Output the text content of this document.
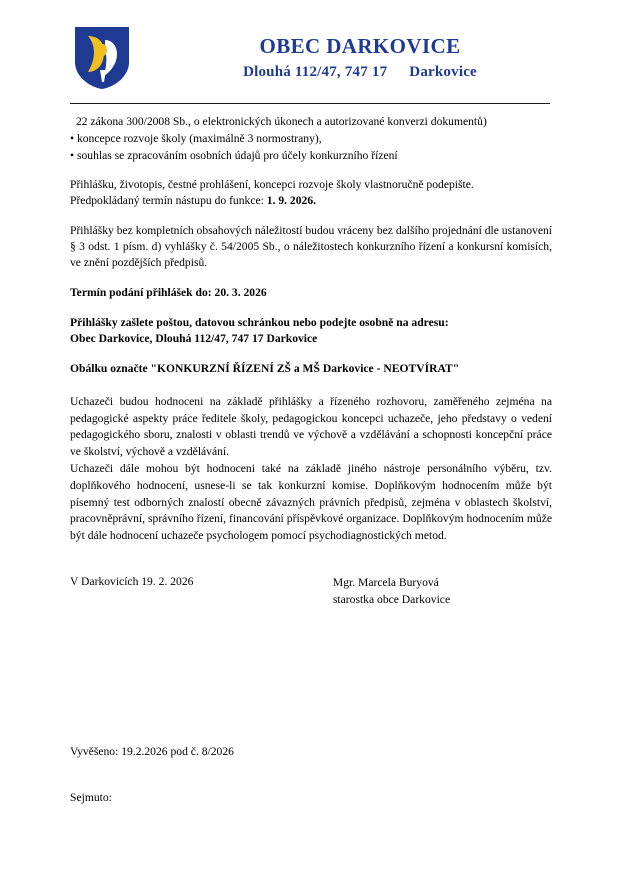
OBEC DARKOVICE
Dlouhá 112/47, 747 17 Darkovice
22 zákona 300/2008 Sb., o elektronických úkonech a autorizované konverzi dokumentů)
• koncepce rozvoje školy (maximálně 3 normostrany),
• souhlas se zpracováním osobních údajů pro účely konkurzního řízení
Přihlášku, životopis, čestné prohlášení, koncepci rozvoje školy vlastnoručně podepište.
Předpokládaný termín nástupu do funkce: 1. 9. 2026.
Přihlášky bez kompletních obsahových náležitostí budou vráceny bez dalšího projednání dle ustanovení § 3 odst. 1 písm. d) vyhlášky č. 54/2005 Sb., o náležitostech konkurzního řízení a konkursní komisích, ve znění pozdějších předpisů.
Termín podání přihlášek do: 20. 3. 2026
Přihlášky zašlete poštou, datovou schránkou nebo podejte osobně na adresu:
Obec Darkovice, Dlouhá 112/47, 747 17 Darkovice
Obálku označte "KONKURZNÍ ŘÍZENÍ ZŠ a MŠ Darkovice - NEOTVÍRAT"
Uchazeči budou hodnoceni na základě přihlášky a řízeného rozhovoru, zaměřeného zejména na pedagogické aspekty práce ředitele školy, pedagogickou koncepci uchazeče, jeho představy o vedení pedagogického sboru, znalosti v oblasti trendů ve výchově a vzdělávání a schopnosti koncepční práce ve školství, výchově a vzdělávání.
Uchazeči dále mohou být hodnoceni také na základě jiného nástroje personálního výběru, tzv. doplňkového hodnocení, usnese-li se tak konkurzní komise. Doplňkovým hodnocením může být písemný test odborných znalostí obecně závazných právních předpisů, zejména v oblastech školství, pracovněprávní, správního řízení, financování příspěvkové organizace. Doplňkovým hodnocením může být dále hodnocení uchazeče psychologem pomocí psychodiagnostických metod.
V Darkovicích 19. 2. 2026	Mgr. Marcela Buryová
starostka obce Darkovice
Vyvěšeno: 19.2.2026 pod č. 8/2026
Sejmuto:
